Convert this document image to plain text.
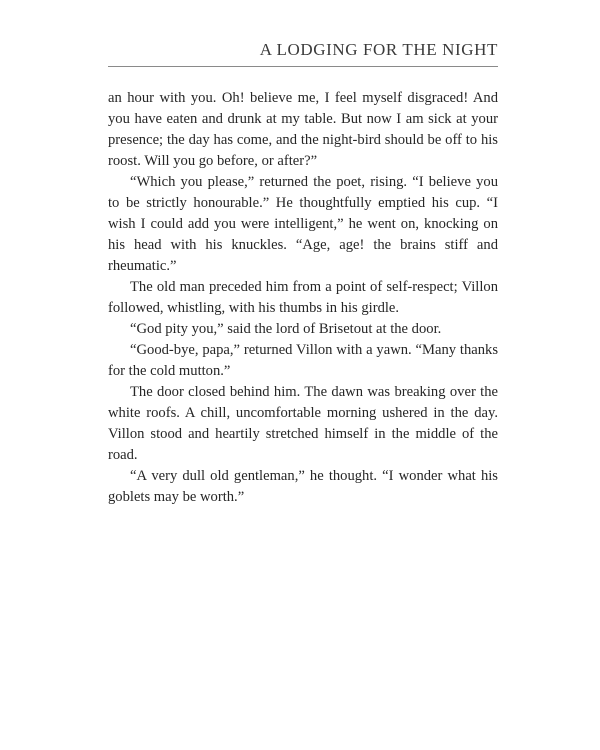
A LODGING FOR THE NIGHT

an hour with you. Oh! believe me, I feel myself disgraced! And you have eaten and drunk at my table. But now I am sick at your presence; the day has come, and the night-bird should be off to his roost. Will you go before, or after?”

“Which you please,” returned the poet, rising. “I believe you to be strictly honourable.” He thoughtfully emptied his cup. “I wish I could add you were intelligent,” he went on, knocking on his head with his knuckles. “Age, age! the brains stiff and rheumatic.”

The old man preceded him from a point of self-respect; Villon followed, whistling, with his thumbs in his girdle.

“God pity you,” said the lord of Brisetout at the door.

“Good-bye, papa,” returned Villon with a yawn. “Many thanks for the cold mutton.”

The door closed behind him. The dawn was breaking over the white roofs. A chill, uncomfortable morning ushered in the day. Villon stood and heartily stretched himself in the middle of the road.

“A very dull old gentleman,” he thought. “I wonder what his goblets may be worth.”
